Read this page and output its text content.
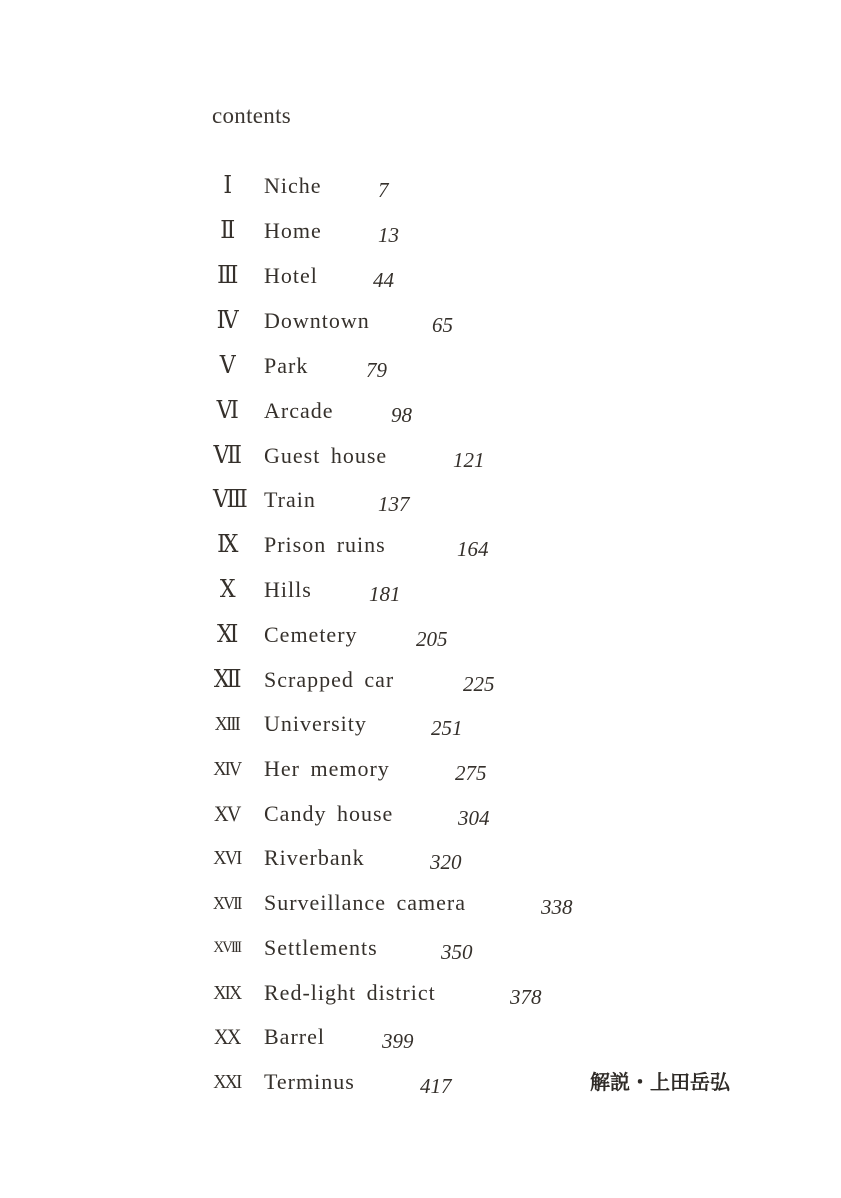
contents
Ⅰ	Niche	7
Ⅱ	Home	13
Ⅲ Hotel	44
Ⅳ Downtown	65
Ⅴ	Park	79
Ⅵ Arcade	98
Ⅶ Guest house	121
Ⅷ Train	137
Ⅸ Prison ruins	164
Ⅹ	Hills	181
Ⅺ Cemetery	205
Ⅻ Scrapped car	225
XIII University	251
XIV Her memory	275
XV Candy house	304
XVI Riverbank	320
XVII Surveillance camera	338
XVIII Settlements	350
XIX Red-light district	378
XX Barrel	399
XXI Terminus	417	解説・上田岳弘
